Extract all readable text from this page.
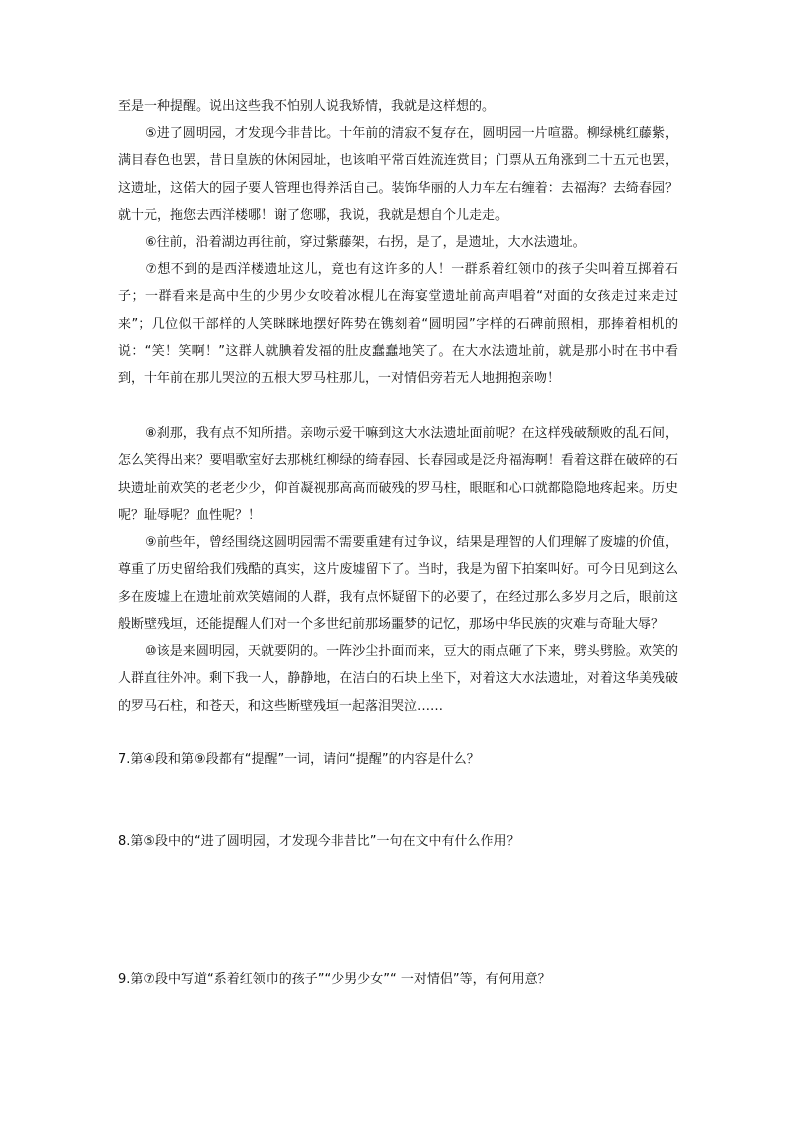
至是一种提醒。说出这些我不怕别人说我矫情，我就是这样想的。

⑤进了圆明园，才发现今非昔比。十年前的清寂不复存在，圆明园一片喧嚣。柳绿桃红藤紫，满目春色也罢，昔日皇族的休闲园址，也该咱平常百姓流连赏目；门票从五角涨到二十五元也罢，这遗址，这偌大的园子要人管理也得养活自己。装饰华丽的人力车左右缠着：去福海？去绮春园？就十元，拖您去西洋楼哪！谢了您哪，我说，我就是想自个儿走走。

⑥往前，沿着湖边再往前，穿过紫藤架，右拐，是了，是遗址，大水法遗址。

⑦想不到的是西洋楼遗址这儿，竟也有这许多的人！一群系着红领巾的孩子尖叫着互掷着石子；一群看来是高中生的少男少女咬着冰棍儿在海宴堂遗址前高声唱着“对面的女孩走过来走过来”；几位似干部样的人笑眯眯地摆好阵势在镌刻着“圆明园”字样的石碑前照相，那捧着相机的说：“笑！笑啊！”这群人就腆着发福的肚皮蠢蠢地笑了。在大水法遗址前，就是那小时在书中看到，十年前在那儿哭泣的五根大罗马柱那儿，一对情侣旁若无人地拥抱亲吻！

⑧刹那，我有点不知所措。亲吻示爱干嘛到这大水法遗址面前呢？在这样残破颓败的乱石间，怎么笑得出来？要唱歌室好去那桃红柳绿的绮春园、长春园或是泛舟福海啊！看着这群在破碎的石块遗址前欢笑的老老少少，仰首凝视那高高而破残的罗马柱，眼眶和心口就都隐隐地疼起来。历史呢？耻辱呢？血性呢？！

⑨前些年，曾经围绕这圆明园需不需要重建有过争议，结果是理智的人们理解了废墟的价值，尊重了历史留给我们残酷的真实，这片废墟留下了。当时，我是为留下拍案叫好。可今日见到这么多在废墟上在遗址前欢笑嬉闹的人群，我有点怀疑留下的必要了，在经过那么多岁月之后，眼前这般断壁残垣，还能提醒人们对一个多世纪前那场噩梦的记忆，那场中华民族的灾难与奇耻大辱？

⑩该是来圆明园，天就要阴的。一阵沙尘扑面而来，豆大的雨点砸了下来，劈头劈脸。欢笑的人群直往外冲。剩下我一人，静静地，在洁白的石块上坐下，对着这大水法遗址，对着这华美残破的罗马石柱，和苍天，和这些断壁残垣一起落泪哭泣……

7.第④段和第⑨段都有“提醒”一词，请问“提醒”的内容是什么？

8.第⑤段中的“进了圆明园，才发现今非昔比”一句在文中有什么作用？

9.第⑦段中写道“系着红领巾的孩子”“少男少女”“ 一对情侣”等，有何用意？
